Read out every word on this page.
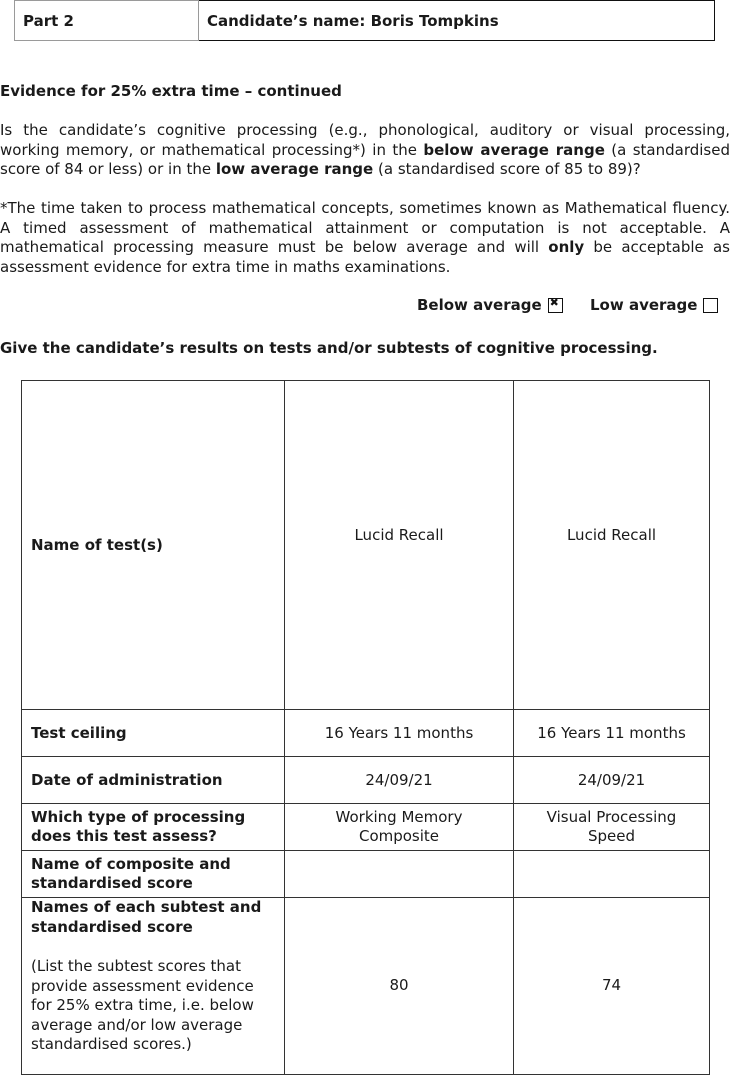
Part 2	Candidate’s name: Boris Tompkins
Evidence for 25% extra time – continued
Is the candidate’s cognitive processing (e.g., phonological, auditory or visual processing, working memory, or mathematical processing*) in the below average range (a standardised score of 84 or less) or in the low average range (a standardised score of 85 to 89)?
*The time taken to process mathematical concepts, sometimes known as Mathematical fluency. A timed assessment of mathematical attainment or computation is not acceptable. A mathematical processing measure must be below average and will only be acceptable as assessment evidence for extra time in maths examinations.
Below average ✖	Low average
Give the candidate’s results on tests and/or subtests of cognitive processing.
Name of test(s)	Lucid Recall	Lucid Recall
Test ceiling	16 Years 11 months	16 Years 11 months
Date of administration	24/09/21	24/09/21
Which type of processing does this test assess?	Working Memory Composite	Visual Processing Speed
Name of composite and standardised score		
Names of each subtest and standardised score
(List the subtest scores that provide assessment evidence for 25% extra time, i.e. below average and/or low average standardised scores.)	80	74
